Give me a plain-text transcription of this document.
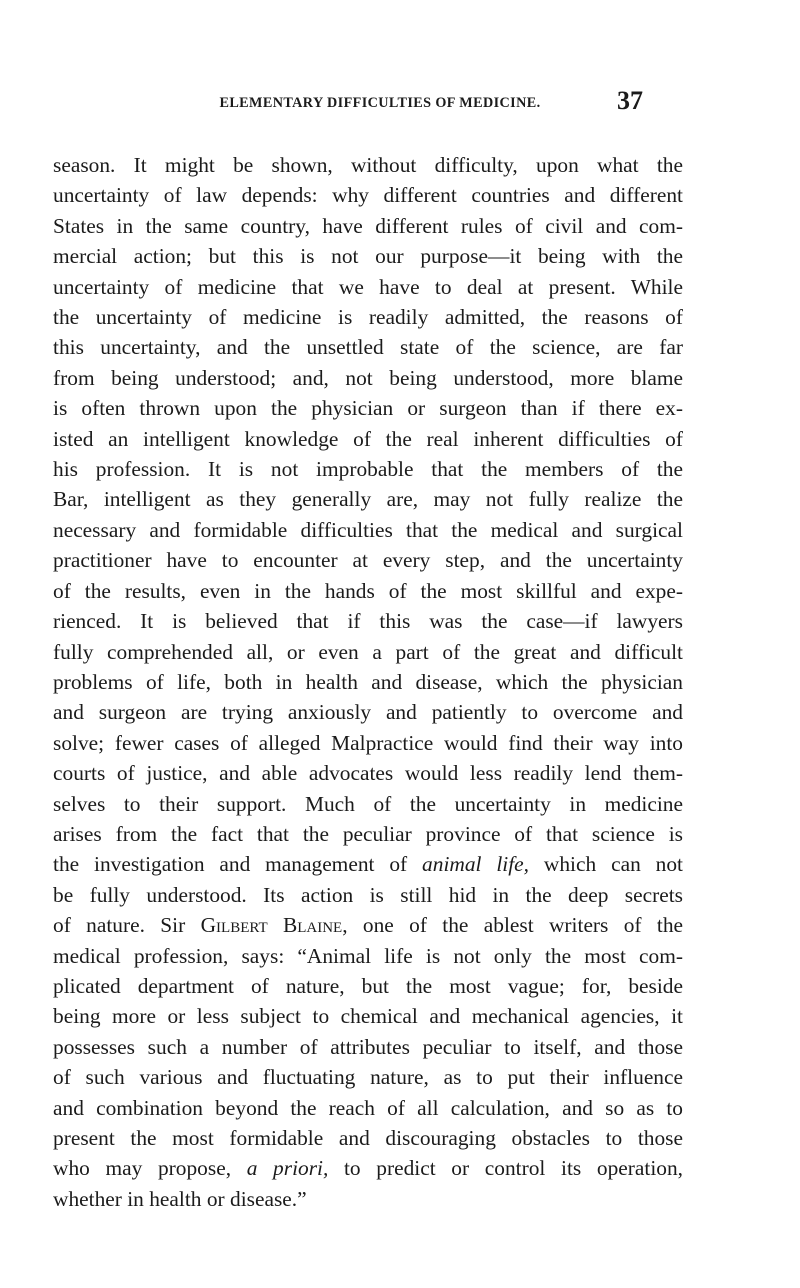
ELEMENTARY DIFFICULTIES OF MEDICINE.	37
season. It might be shown, without difficulty, upon what the
uncertainty of law depends: why different countries and different
States in the same country, have different rules of civil and com-
mercial action; but this is not our purpose—it being with the
uncertainty of medicine that we have to deal at present. While
the uncertainty of medicine is readily admitted, the reasons of
this uncertainty, and the unsettled state of the science, are far
from being understood; and, not being understood, more blame
is often thrown upon the physician or surgeon than if there ex-
isted an intelligent knowledge of the real inherent difficulties of
his profession. It is not improbable that the members of the
Bar, intelligent as they generally are, may not fully realize the
necessary and formidable difficulties that the medical and surgical
practitioner have to encounter at every step, and the uncertainty
of the results, even in the hands of the most skillful and expe-
rienced. It is believed that if this was the case—if lawyers
fully comprehended all, or even a part of the great and difficult
problems of life, both in health and disease, which the physician
and surgeon are trying anxiously and patiently to overcome and
solve; fewer cases of alleged Malpractice would find their way into
courts of justice, and able advocates would less readily lend them-
selves to their support. Much of the uncertainty in medicine
arises from the fact that the peculiar province of that science is
the investigation and management of animal life, which can not
be fully understood. Its action is still hid in the deep secrets
of nature. Sir Gilbert Blaine, one of the ablest writers of the
medical profession, says: “Animal life is not only the most com-
plicated department of nature, but the most vague; for, beside
being more or less subject to chemical and mechanical agencies, it
possesses such a number of attributes peculiar to itself, and those
of such various and fluctuating nature, as to put their influence
and combination beyond the reach of all calculation, and so as to
present the most formidable and discouraging obstacles to those
who may propose, a priori, to predict or control its operation,
whether in health or disease.”
